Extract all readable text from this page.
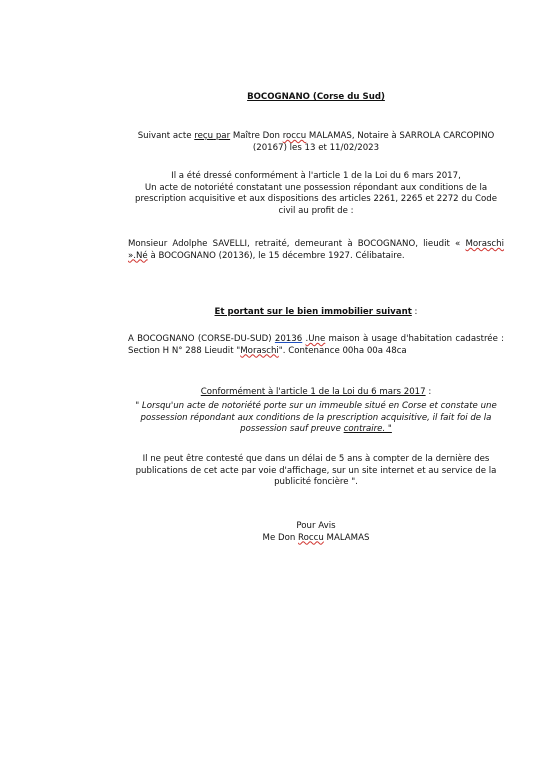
BOCOGNANO (Corse du Sud)
Suivant acte reçu par Maître Don roccu MALAMAS, Notaire à SARROLA CARCOPINO (20167) les 13 et 11/02/2023
Il a été dressé conformément à l'article 1 de la Loi du 6 mars 2017,
Un acte de notoriété constatant une possession répondant aux conditions de la prescription acquisitive et aux dispositions des articles 2261, 2265 et 2272 du Code civil au profit de :
Monsieur Adolphe SAVELLI, retraité, demeurant à BOCOGNANO, lieudit « Moraschi ».Né à BOCOGNANO (20136), le 15 décembre 1927. Célibataire.
Et portant sur le bien immobilier suivant :
A BOCOGNANO (CORSE-DU-SUD) 20136 .Une maison à usage d'habitation cadastrée : Section H N° 288 Lieudit "Moraschi". Contenance 00ha 00a 48ca
Conformément à l'article 1 de la Loi du 6 mars 2017 :
" Lorsqu'un acte de notoriété porte sur un immeuble situé en Corse et constate une possession répondant aux conditions de la prescription acquisitive, il fait foi de la possession sauf preuve contraire. "
Il ne peut être contesté que dans un délai de 5 ans à compter de la dernière des publications de cet acte par voie d'affichage, sur un site internet et au service de la publicité foncière ".
Pour Avis
Me Don Roccu MALAMAS
